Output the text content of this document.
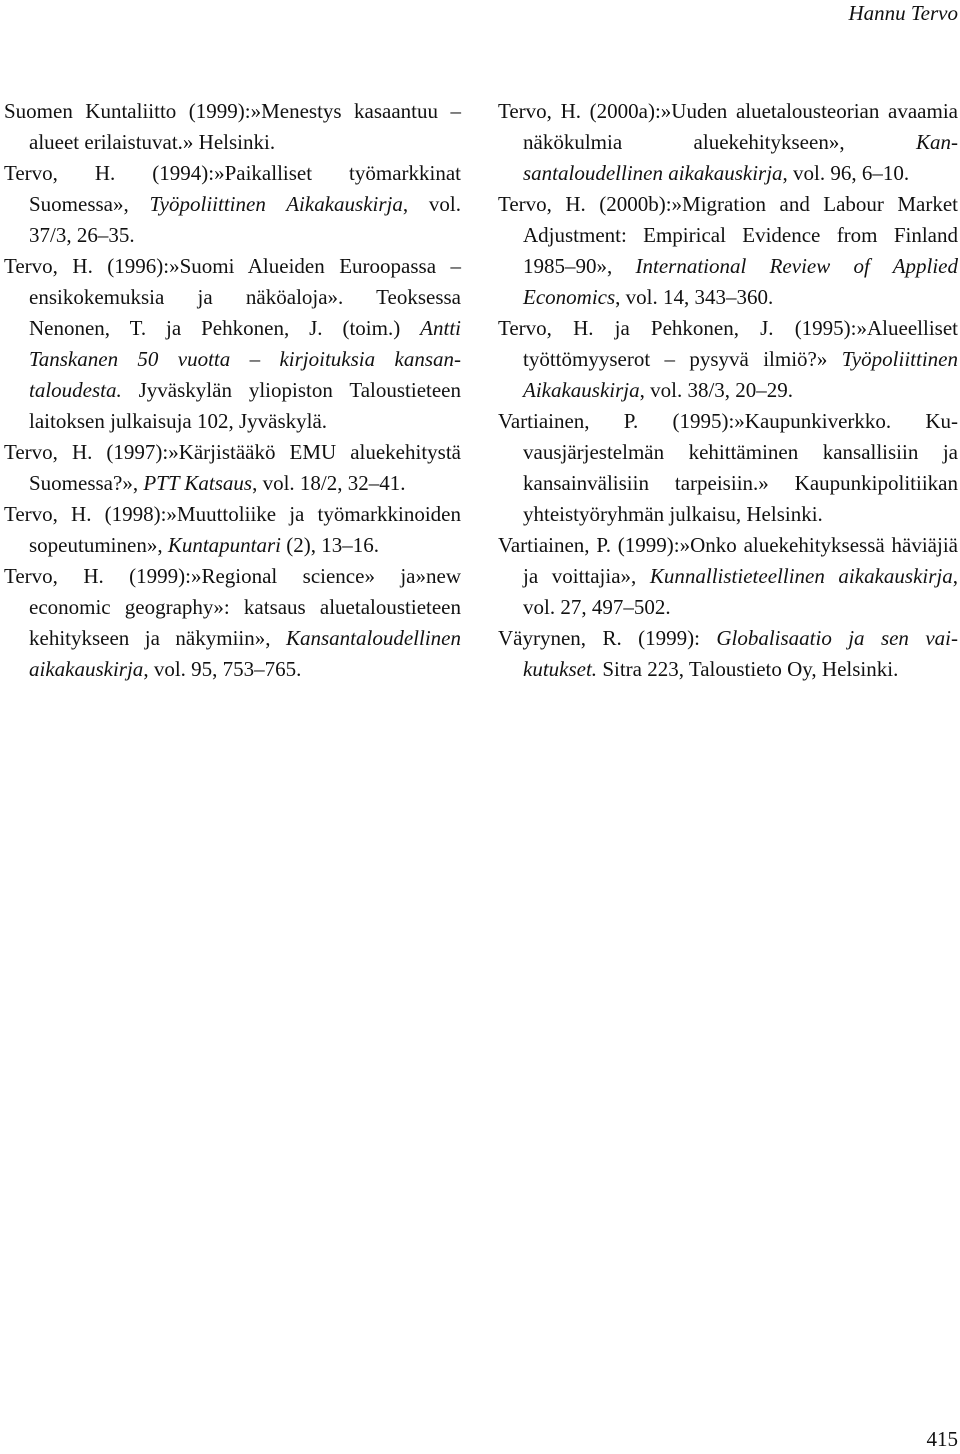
Hannu Tervo

Suomen Kuntaliitto (1999):»Menestys kasaantuu – alueet erilaistuvat.» Helsinki.

Tervo, H. (1994):»Paikalliset työmarkkinat Suomessa», Työpoliittinen Aikakauskirja, vol. 37/3, 26–35.

Tervo, H. (1996):»Suomi Alueiden Euroopassa – ensikokemuksia ja näköaloja». Teoksessa Nenonen, T. ja Pehkonen, J. (toim.) Antti Tanskanen 50 vuotta – kirjoituksia kansantaloudesta. Jyväskylän yliopiston Taloustieteen laitoksen julkaisuja 102, Jyväskylä.

Tervo, H. (1997):»Kärjistääkö EMU aluekehitystä Suomessa?», PTT Katsaus, vol. 18/2, 32–41.

Tervo, H. (1998):»Muuttoliike ja työmarkkinoiden sopeutuminen», Kuntapuntari (2), 13–16.

Tervo, H. (1999):»Regional science» ja»new economic geography»: katsaus aluetaloustieteen kehitykseen ja näkymiin», Kansantaloudellinen aikakauskirja, vol. 95, 753–765.

Tervo, H. (2000a):»Uuden aluetalousteorian avaamia näkökulmia aluekehitykseen», Kansantaloudellinen aikakauskirja, vol. 96, 6–10.

Tervo, H. (2000b):»Migration and Labour Market Adjustment: Empirical Evidence from Finland 1985–90», International Review of Applied Economics, vol. 14, 343–360.

Tervo, H. ja Pehkonen, J. (1995):»Alueelliset työttömyyserot – pysyvä ilmiö?» Työpoliittinen Aikakauskirja, vol. 38/3, 20–29.

Vartiainen, P. (1995):»Kaupunkiverkko. Kuvausjärjestelmän kehittäminen kansallisiin ja kansainvälisiin tarpeisiin.» Kaupunkipolitiikan yhteistyöryhmän julkaisu, Helsinki.

Vartiainen, P. (1999):»Onko aluekehityksessä häviäjiä ja voittajia», Kunnallistieteellinen aikakauskirja, vol. 27, 497–502.

Väyrynen, R. (1999): Globalisaatio ja sen vaikutukset. Sitra 223, Taloustieto Oy, Helsinki.

415
